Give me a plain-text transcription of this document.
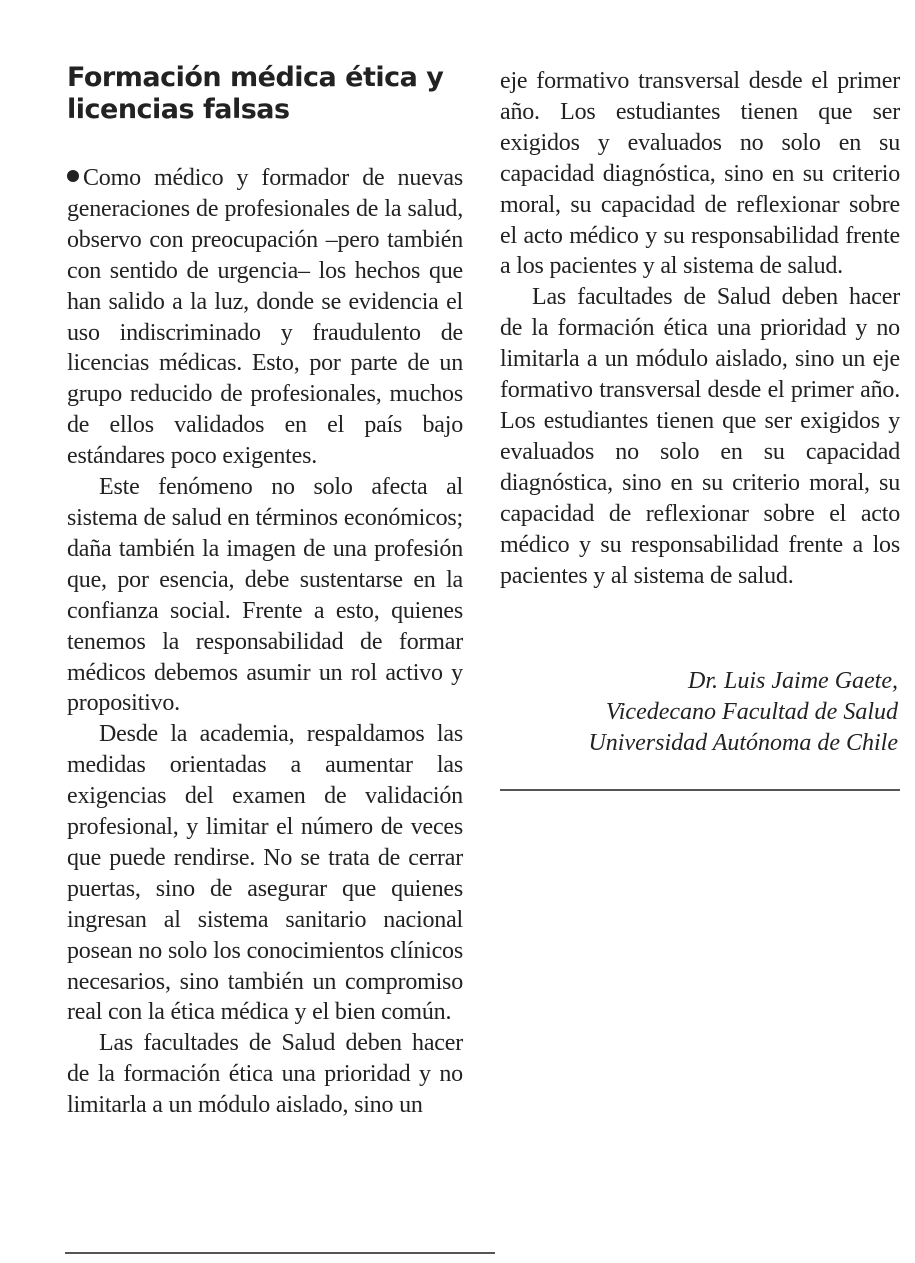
Formación médica ética y licencias falsas

Como médico y formador de nuevas generaciones de profesionales de la salud, observo con preocupación –pero también con sentido de urgencia– los hechos que han salido a la luz, donde se evidencia el uso indiscriminado y fraudulento de licencias médicas. Esto, por parte de un grupo reducido de profesionales, muchos de ellos validados en el país bajo estándares poco exigentes.

Este fenómeno no solo afecta al sistema de salud en términos económicos; daña también la imagen de una profesión que, por esencia, debe sustentarse en la confianza social. Frente a esto, quienes tenemos la responsabilidad de formar médicos debemos asumir un rol activo y propositivo.

Desde la academia, respaldamos las medidas orientadas a aumentar las exigencias del examen de validación profesional, y limitar el número de veces que puede rendirse. No se trata de cerrar puertas, sino de asegurar que quienes ingresan al sistema sanitario nacional posean no solo los conocimientos clínicos necesarios, sino también un compromiso real con la ética médica y el bien común.

Las facultades de Salud deben hacer de la formación ética una prioridad y no limitarla a un módulo aislado, sino un

eje formativo transversal desde el primer año. Los estudiantes tienen que ser exigidos y evaluados no solo en su capacidad diagnóstica, sino en su criterio moral, su capacidad de reflexionar sobre el acto médico y su responsabilidad frente a los pacientes y al sistema de salud.

Las facultades de Salud deben hacer de la formación ética una prioridad y no limitarla a un módulo aislado, sino un eje formativo transversal desde el primer año. Los estudiantes tienen que ser exigidos y evaluados no solo en su capacidad diagnóstica, sino en su criterio moral, su capacidad de reflexionar sobre el acto médico y su responsabilidad frente a los pacientes y al sistema de salud.

Dr. Luis Jaime Gaete,
Vicedecano Facultad de Salud
Universidad Autónoma de Chile
